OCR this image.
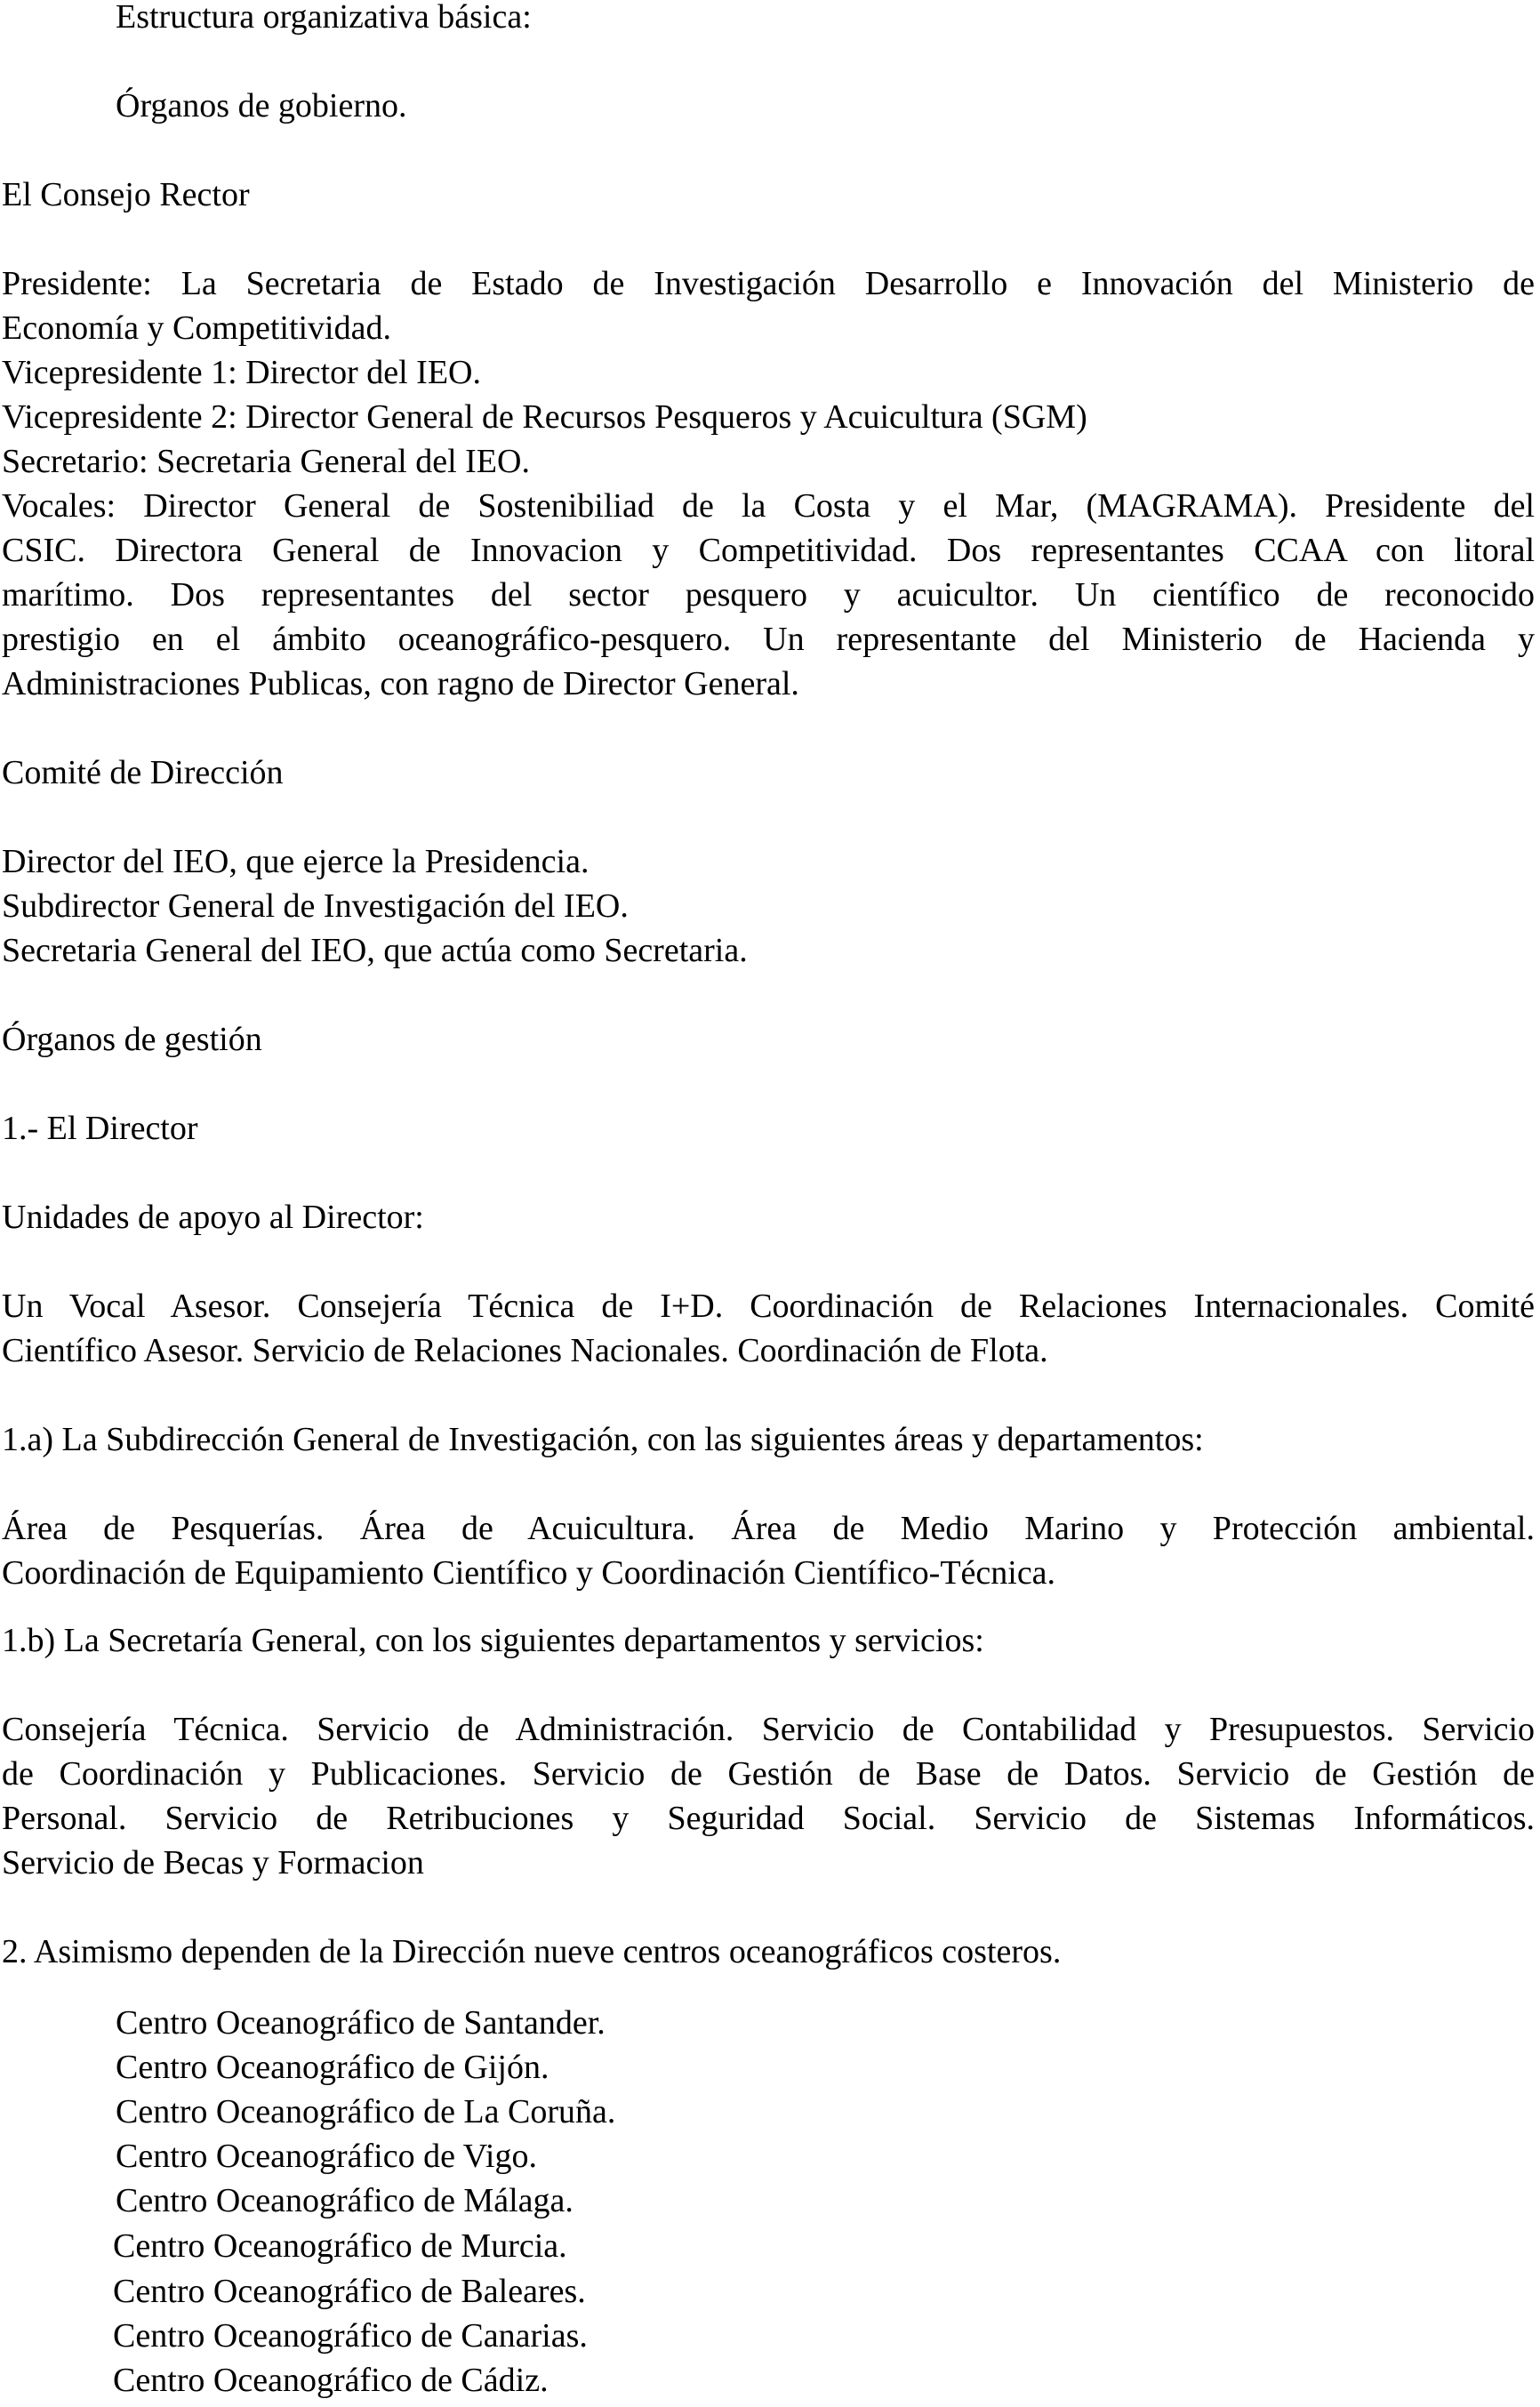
Estructura organizativa básica:

Órganos de gobierno.

El Consejo Rector

Presidente: La Secretaria de Estado de Investigación Desarrollo e Innovación del Ministerio de

Economía y Competitividad.

Vicepresidente 1: Director del IEO.

Vicepresidente 2: Director General de Recursos Pesqueros y Acuicultura (SGM)

Secretario: Secretaria General del IEO.

Vocales: Director General de Sostenibiliad de la Costa y el Mar, (MAGRAMA). Presidente del

CSIC. Directora General de Innovacion y Competitividad. Dos representantes CCAA con litoral

marítimo. Dos representantes del sector pesquero y acuicultor. Un científico de reconocido

prestigio en el ámbito oceanográfico-pesquero. Un representante del Ministerio de Hacienda y

Administraciones Publicas, con ragno de Director General.

Comité de Dirección

Director del IEO, que ejerce la Presidencia.

Subdirector General de Investigación del IEO.

Secretaria General del IEO, que actúa como Secretaria.

Órganos de gestión

1.- El Director

Unidades de apoyo al Director:

Un Vocal Asesor. Consejería Técnica de I+D. Coordinación de Relaciones Internacionales. Comité

Científico Asesor. Servicio de Relaciones Nacionales. Coordinación de Flota.

1.a) La Subdirección General de Investigación, con las siguientes áreas y departamentos:

Área de Pesquerías. Área de Acuicultura. Área de Medio Marino y Protección ambiental.

Coordinación de Equipamiento Científico y Coordinación Científico-Técnica.

1.b) La Secretaría General, con los siguientes departamentos y servicios:

Consejería Técnica. Servicio de Administración. Servicio de Contabilidad y Presupuestos. Servicio

de Coordinación y Publicaciones. Servicio de Gestión de Base de Datos. Servicio de Gestión de

Personal. Servicio de Retribuciones y Seguridad Social. Servicio de Sistemas Informáticos.

Servicio de Becas y Formacion

2. Asimismo dependen de la Dirección nueve centros oceanográficos costeros.

Centro Oceanográfico de Santander.

Centro Oceanográfico de Gijón.

Centro Oceanográfico de La Coruña.

Centro Oceanográfico de Vigo.

Centro Oceanográfico de Málaga.

Centro Oceanográfico de Murcia.

Centro Oceanográfico de Baleares.

Centro Oceanográfico de Canarias.

Centro Oceanográfico de Cádiz.
